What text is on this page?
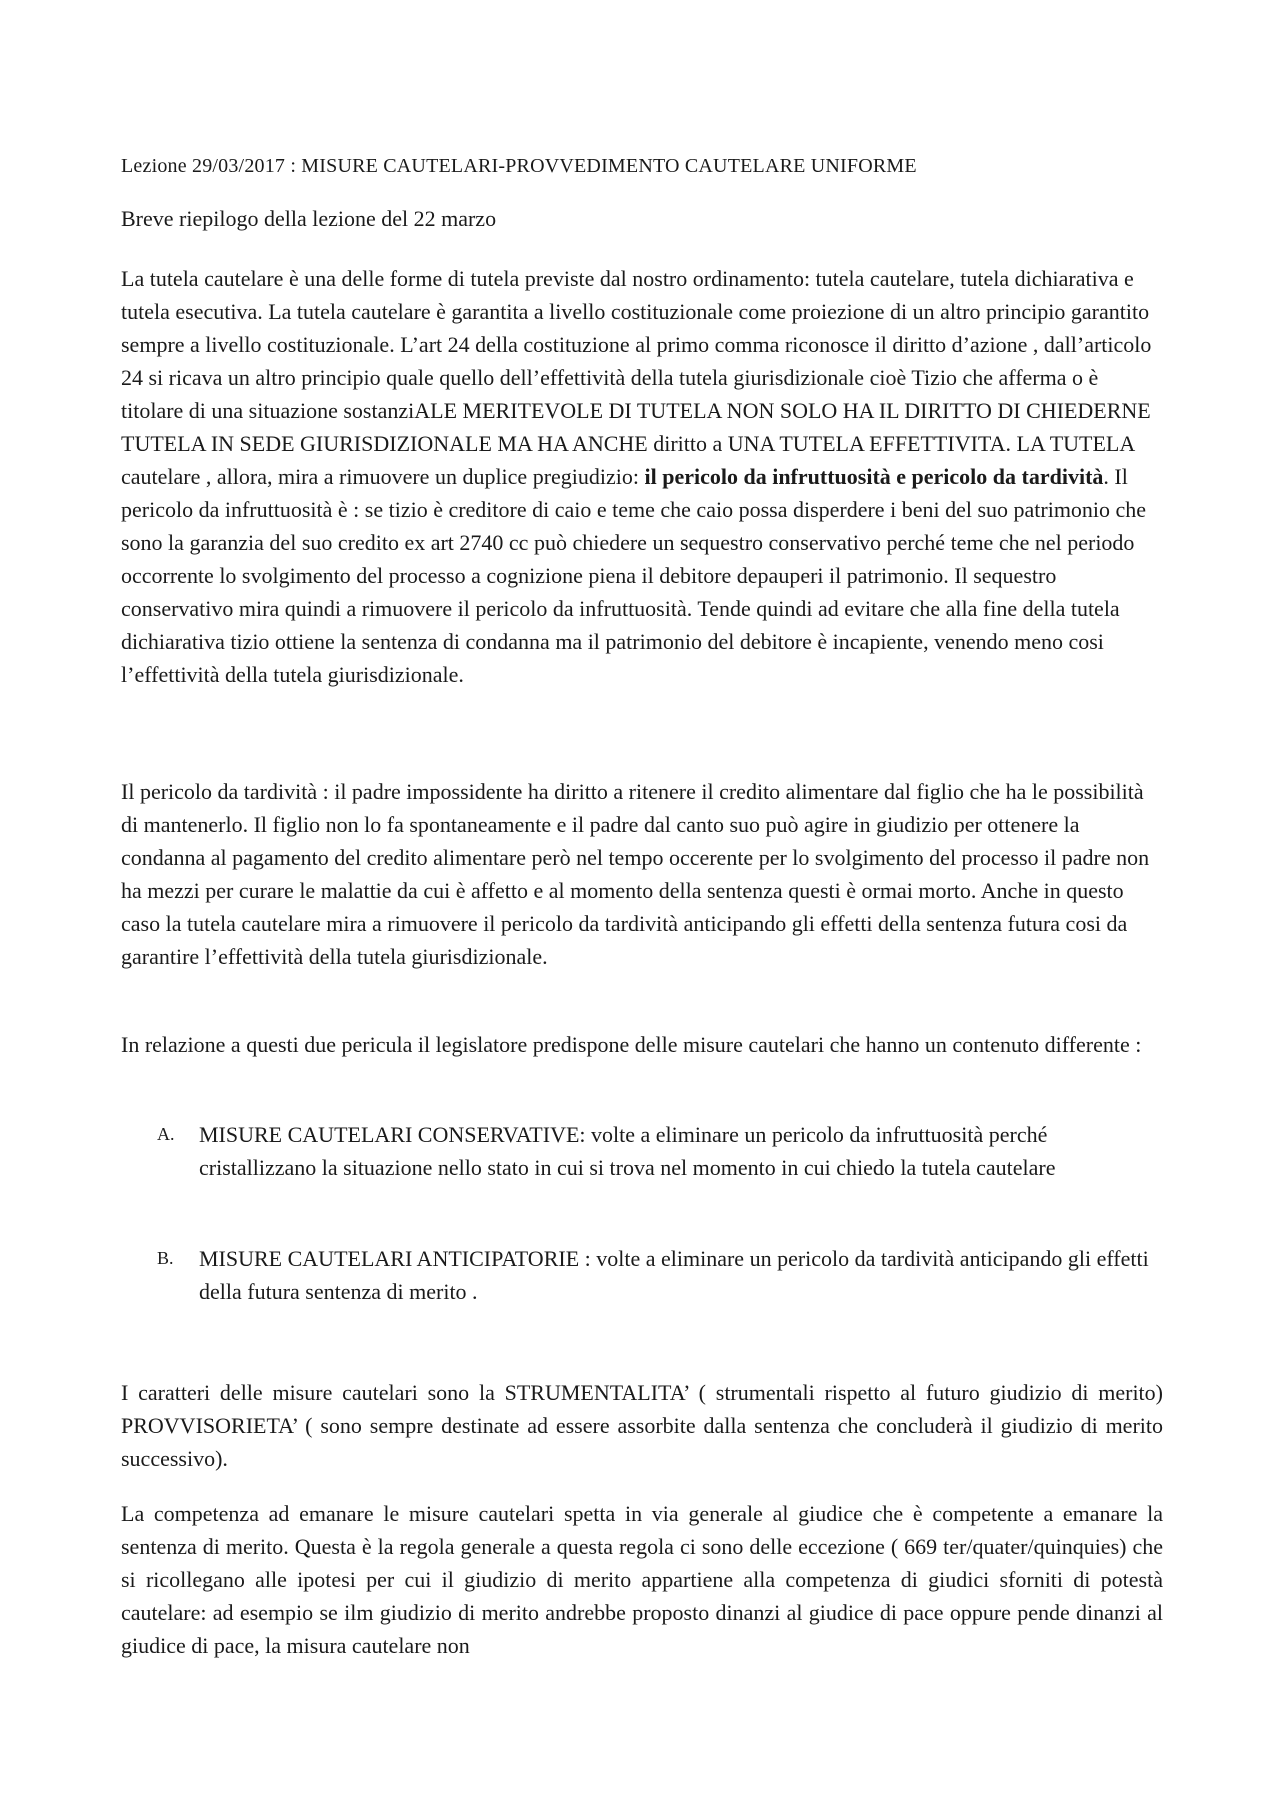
Lezione 29/03/2017 : MISURE CAUTELARI-PROVVEDIMENTO CAUTELARE UNIFORME

Breve riepilogo della lezione del 22 marzo

La tutela cautelare è una delle forme di tutela previste dal nostro ordinamento: tutela cautelare, tutela dichiarativa e tutela esecutiva. La tutela cautelare è garantita a livello costituzionale come proiezione di un altro principio garantito sempre a livello costituzionale. L’art 24 della costituzione al primo comma riconosce il diritto d’azione , dall’articolo 24 si ricava un altro principio quale quello dell’effettività della tutela giurisdizionale cioè Tizio che afferma o è titolare di una situazione sostanziALE MERITEVOLE DI TUTELA NON SOLO HA IL DIRITTO DI CHIEDERNE TUTELA IN SEDE GIURISDIZIONALE MA HA ANCHE diritto a UNA TUTELA EFFETTIVITA. LA TUTELA cautelare , allora, mira a rimuovere un duplice pregiudizio: il pericolo da infruttuosità e pericolo da tardività. Il pericolo da infruttuosità è : se tizio è creditore di caio e teme che caio possa disperdere i beni del suo patrimonio che sono la garanzia del suo credito ex art 2740 cc può chiedere un sequestro conservativo perché teme che nel periodo occorrente lo svolgimento del processo a cognizione piena il debitore depauperi il patrimonio. Il sequestro conservativo mira quindi a rimuovere il pericolo da infruttuosità. Tende quindi ad evitare che alla fine della tutela dichiarativa tizio ottiene la sentenza di condanna ma il patrimonio del debitore è incapiente, venendo meno cosi l’effettività della tutela giurisdizionale.

Il pericolo da tardività : il padre impossidente ha diritto a ritenere il credito alimentare dal figlio che ha le possibilità di mantenerlo. Il figlio non lo fa spontaneamente e il padre dal canto suo può agire in giudizio per ottenere la condanna al pagamento del credito alimentare però nel tempo occerente per lo svolgimento del processo il padre non ha mezzi per curare le malattie da cui è affetto e al momento della sentenza questi è ormai morto. Anche in questo caso la tutela cautelare mira a rimuovere il pericolo da tardività anticipando gli effetti della sentenza futura cosi da garantire l’effettività della tutela giurisdizionale.

In relazione a questi due pericula il legislatore predispone delle misure cautelari che hanno un contenuto differente :

A. MISURE CAUTELARI CONSERVATIVE: volte a eliminare un pericolo da infruttuosità perché cristallizzano la situazione nello stato in cui si trova nel momento in cui chiedo la tutela cautelare
B. MISURE CAUTELARI ANTICIPATORIE : volte a eliminare un pericolo da tardività anticipando gli effetti della futura sentenza di merito .

I caratteri delle misure cautelari sono la STRUMENTALITA’ ( strumentali rispetto al futuro giudizio di merito) PROVVISORIETA’ ( sono sempre destinate ad essere assorbite dalla sentenza che concluderà il giudizio di merito successivo).

La competenza ad emanare le misure cautelari spetta in via generale al giudice che è competente a emanare la sentenza di merito. Questa è la regola generale a questa regola ci sono delle eccezione ( 669 ter/quater/quinquies) che si ricollegano alle ipotesi per cui il giudizio di merito appartiene alla competenza di giudici sforniti di potestà cautelare: ad esempio se ilm giudizio di merito andrebbe proposto dinanzi al giudice di pace oppure pende dinanzi al giudice di pace, la misura cautelare non
